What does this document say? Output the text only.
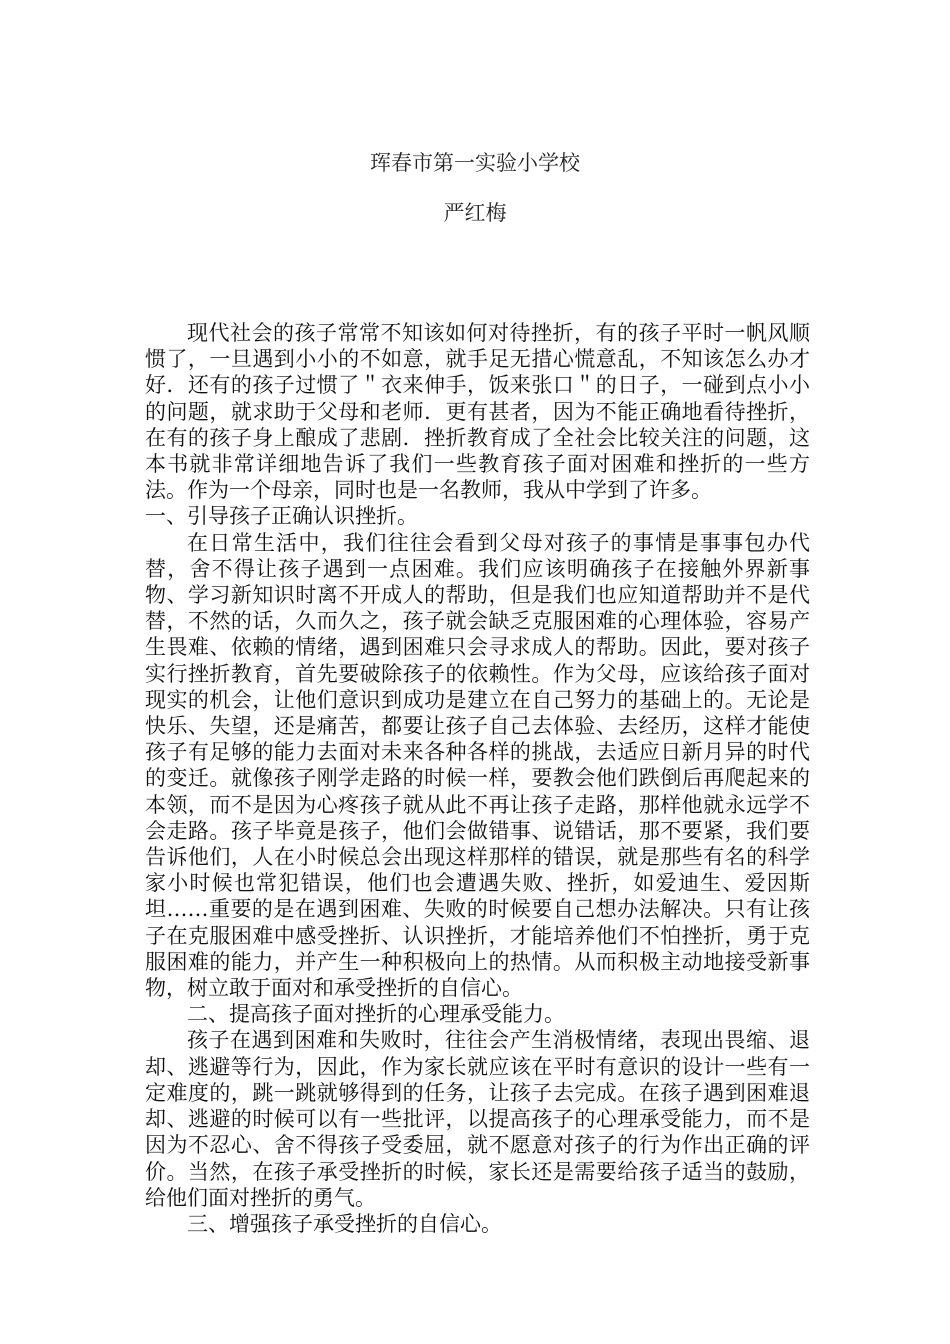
珲春市第一实验小学校
严红梅

现代社会的孩子常常不知该如何对待挫折，有的孩子平时一帆风顺惯了，一旦遇到小小的不如意，就手足无措心慌意乱，不知该怎么办才好．还有的孩子过惯了＂衣来伸手，饭来张口＂的日子，一碰到点小小的问题，就求助于父母和老师．更有甚者，因为不能正确地看待挫折，在有的孩子身上酿成了悲剧．挫折教育成了全社会比较关注的问题，这本书就非常详细地告诉了我们一些教育孩子面对困难和挫折的一些方法。作为一个母亲，同时也是一名教师，我从中学到了许多。

一、引导孩子正确认识挫折。

在日常生活中，我们往往会看到父母对孩子的事情是事事包办代替，舍不得让孩子遇到一点困难。我们应该明确孩子在接触外界新事物、学习新知识时离不开成人的帮助，但是我们也应知道帮助并不是代替，不然的话，久而久之，孩子就会缺乏克服困难的心理体验，容易产生畏难、依赖的情绪，遇到困难只会寻求成人的帮助。因此，要对孩子实行挫折教育，首先要破除孩子的依赖性。作为父母，应该给孩子面对现实的机会，让他们意识到成功是建立在自己努力的基础上的。无论是快乐、失望，还是痛苦，都要让孩子自己去体验、去经历，这样才能使孩子有足够的能力去面对未来各种各样的挑战，去适应日新月异的时代的变迁。就像孩子刚学走路的时候一样，要教会他们跌倒后再爬起来的本领，而不是因为心疼孩子就从此不再让孩子走路，那样他就永远学不会走路。孩子毕竟是孩子，他们会做错事、说错话，那不要紧，我们要告诉他们，人在小时候总会出现这样那样的错误，就是那些有名的科学家小时候也常犯错误，他们也会遭遇失败、挫折，如爱迪生、爱因斯坦……重要的是在遇到困难、失败的时候要自己想办法解决。只有让孩子在克服困难中感受挫折、认识挫折，才能培养他们不怕挫折，勇于克服困难的能力，并产生一种积极向上的热情。从而积极主动地接受新事物，树立敢于面对和承受挫折的自信心。

二、提高孩子面对挫折的心理承受能力。

孩子在遇到困难和失败时，往往会产生消极情绪，表现出畏缩、退却、逃避等行为，因此，作为家长就应该在平时有意识的设计一些有一定难度的，跳一跳就够得到的任务，让孩子去完成。在孩子遇到困难退却、逃避的时候可以有一些批评，以提高孩子的心理承受能力，而不是因为不忍心、舍不得孩子受委屈，就不愿意对孩子的行为作出正确的评价。当然，在孩子承受挫折的时候，家长还是需要给孩子适当的鼓励，给他们面对挫折的勇气。

三、增强孩子承受挫折的自信心。
